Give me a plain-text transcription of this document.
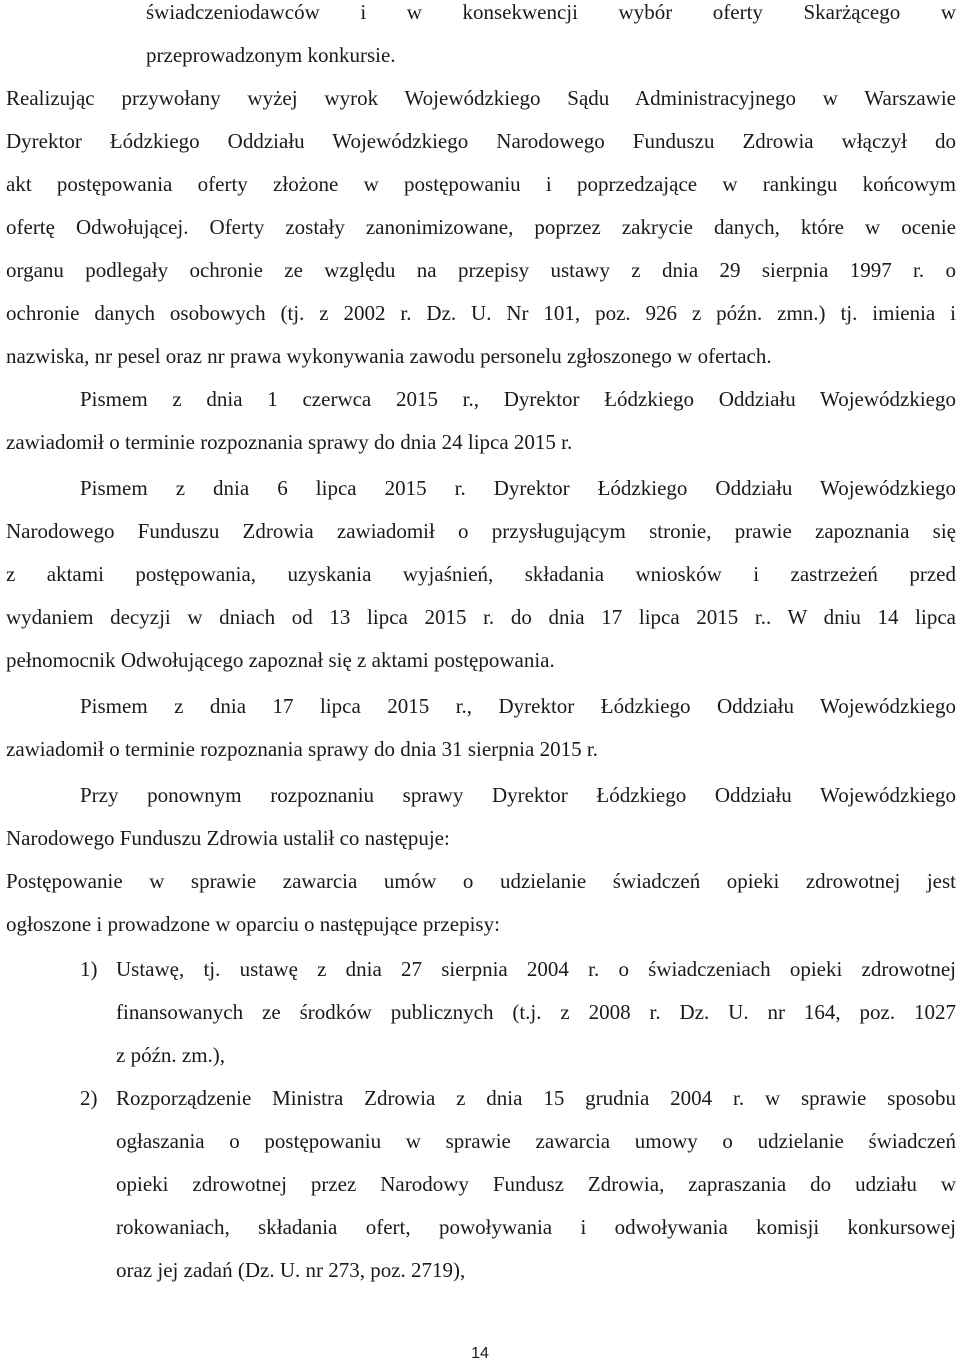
świadczeniodawców i w konsekwencji wybór oferty Skarżącego w
przeprowadzonym konkursie.
Realizując przywołany wyżej wyrok Wojewódzkiego Sądu Administracyjnego w Warszawie
Dyrektor Łódzkiego Oddziału Wojewódzkiego Narodowego Funduszu Zdrowia włączył do
akt postępowania oferty złożone w postępowaniu i poprzedzające w rankingu końcowym
ofertę Odwołującej. Oferty zostały zanonimizowane, poprzez zakrycie danych, które w ocenie
organu podlegały ochronie ze względu na przepisy ustawy z dnia 29 sierpnia 1997 r. o
ochronie danych osobowych (tj. z 2002 r. Dz. U. Nr 101, poz. 926 z późn. zmn.) tj. imienia i
nazwiska, nr pesel oraz nr prawa wykonywania zawodu personelu zgłoszonego w ofertach.
Pismem z dnia 1 czerwca 2015 r., Dyrektor Łódzkiego Oddziału Wojewódzkiego
zawiadomił o terminie rozpoznania sprawy do dnia 24 lipca 2015 r.
Pismem z dnia 6 lipca 2015 r. Dyrektor Łódzkiego Oddziału Wojewódzkiego
Narodowego Funduszu Zdrowia zawiadomił o przysługującym stronie, prawie zapoznania się
z aktami postępowania, uzyskania wyjaśnień, składania wniosków i zastrzeżeń przed
wydaniem decyzji w dniach od 13 lipca 2015 r. do dnia 17 lipca 2015 r.. W dniu 14 lipca
pełnomocnik Odwołującego zapoznał się z aktami postępowania.
Pismem z dnia 17 lipca 2015 r., Dyrektor Łódzkiego Oddziału Wojewódzkiego
zawiadomił o terminie rozpoznania sprawy do dnia 31 sierpnia 2015 r.
Przy ponownym rozpoznaniu sprawy Dyrektor Łódzkiego Oddziału Wojewódzkiego
Narodowego Funduszu Zdrowia ustalił co następuje:
Postępowanie w sprawie zawarcia umów o udzielanie świadczeń opieki zdrowotnej jest
ogłoszone i prowadzone w oparciu o następujące przepisy:
1) Ustawę, tj. ustawę z dnia 27 sierpnia 2004 r. o świadczeniach opieki zdrowotnej
finansowanych ze środków publicznych (t.j. z 2008 r. Dz. U. nr 164, poz. 1027
z późn. zm.),
2) Rozporządzenie Ministra Zdrowia z dnia 15 grudnia 2004 r. w sprawie sposobu
ogłaszania o postępowaniu w sprawie zawarcia umowy o udzielanie świadczeń
opieki zdrowotnej przez Narodowy Fundusz Zdrowia, zapraszania do udziału w
rokowaniach, składania ofert, powoływania i odwoływania komisji konkursowej
oraz jej zadań (Dz. U. nr 273, poz. 2719),
14
